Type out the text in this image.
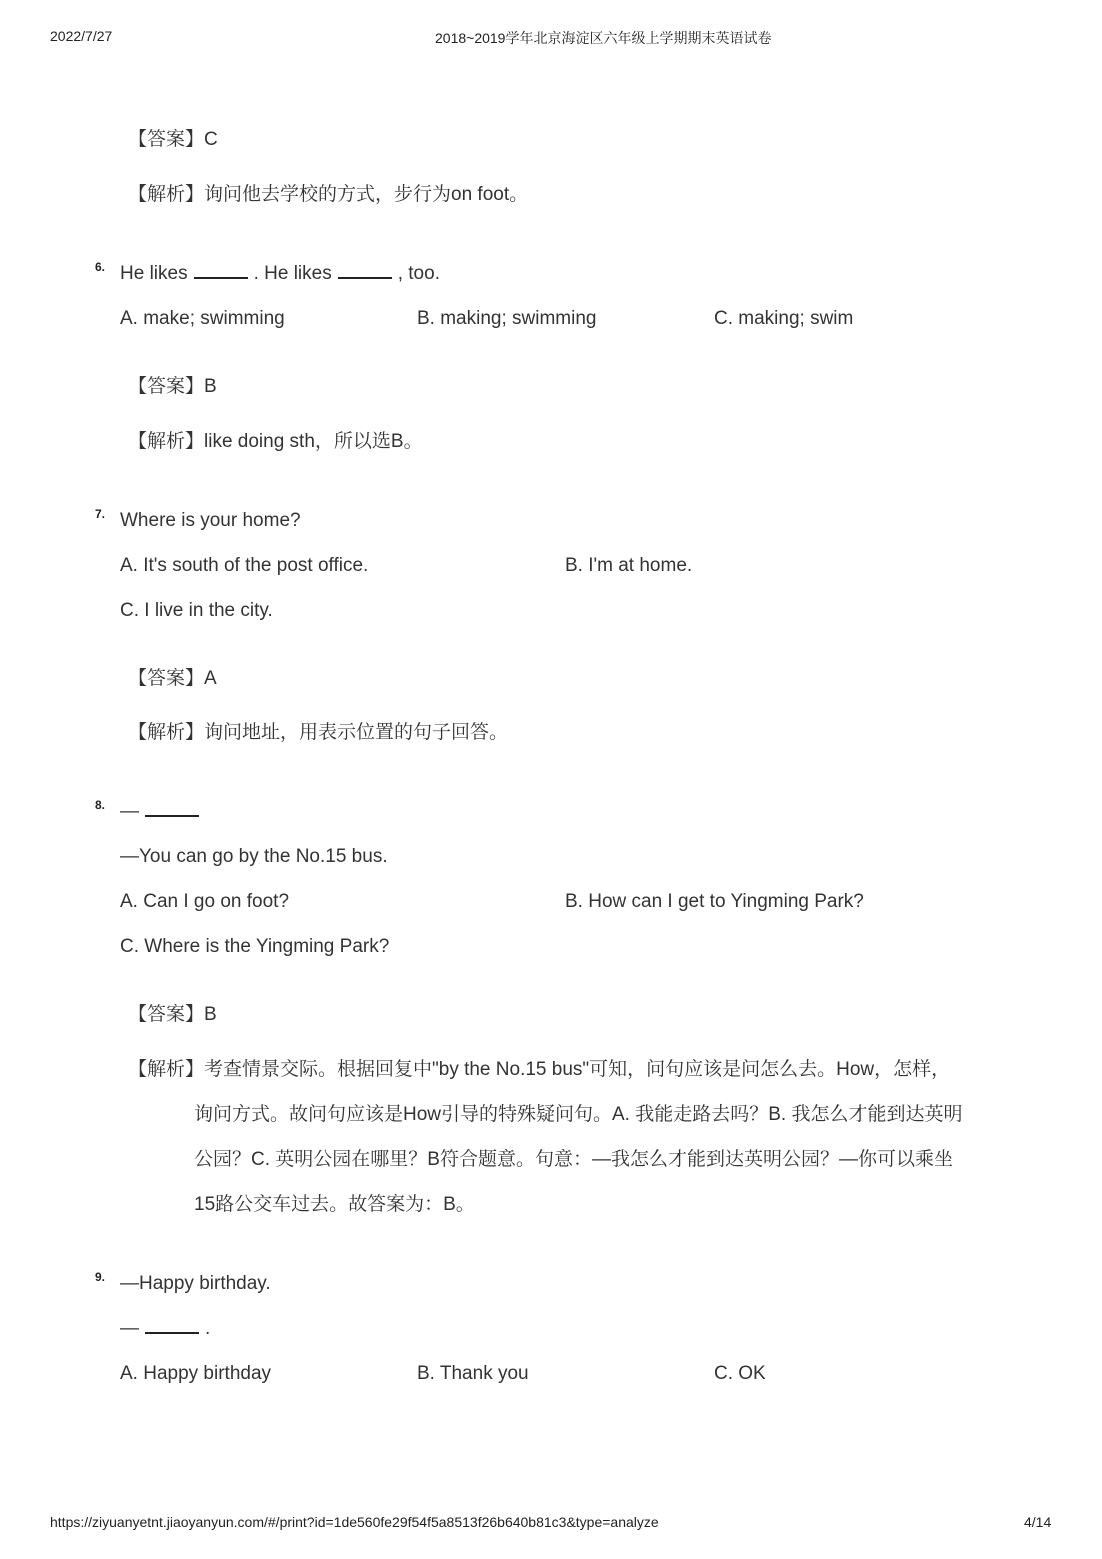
2022/7/27	2018~2019学年北京海淀区六年级上学期期末英语试卷
【答案】C
【解析】询问他去学校的方式，步行为on foot。
6. He likes	. He likes	, too.
A. make; swimming	B. making; swimming	C. making; swim
【答案】B
【解析】like doing sth，所以选B。
7. Where is your home?
A. It's south of the post office.	B. I'm at home.
C. I live in the city.
【答案】A
【解析】询问地址，用表示位置的句子回答。
8. —
—You can go by the No.15 bus.
A. Can I go on foot?	B. How can I get to Yingming Park?
C. Where is the Yingming Park?
【答案】B
【解析】考查情景交际。根据回复中"by the No.15 bus"可知，问句应该是问怎么去。How，怎样，
询问方式。故问句应该是How引导的特殊疑问句。A. 我能走路去吗？B. 我怎么才能到达英明
公园？C. 英明公园在哪里？B符合题意。句意：—我怎么才能到达英明公园？—你可以乘坐
15路公交车过去。故答案为：B。
9. —Happy birthday.
—	.
A. Happy birthday	B. Thank you	C. OK
https://ziyuanyetnt.jiaoyanyun.com/#/print?id=1de560fe29f54f5a8513f26b640b81c3&type=analyze	4/14
